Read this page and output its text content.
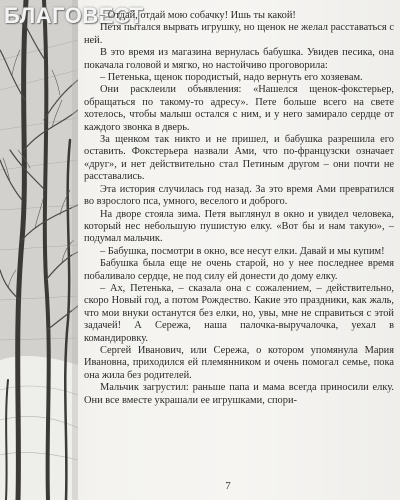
БЛАГОВЕСТ

– Отдай, отдай мою собачку! Ишь ты какой!

Петя пытался вырвать игрушку, но щенок не желал расставаться с ней.

В это время из магазина вернулась бабушка. Увидев песика, она покачала головой и мягко, но настойчиво проговорила:

– Петенька, щенок породистый, надо вернуть его хозяевам.

Они расклеили объявления: «Нашелся щенок-фокстерьер, обращаться по такому-то адресу». Пете больше всего на свете хотелось, чтобы малыш остался с ним, и у него замирало сердце от каждого звонка в дверь.

За щенком так никто и не пришел, и бабушка разрешила его оставить. Фокстерьера назвали Ами, что по-французски означает «друг», и нет действительно стал Петиным другом – они почти не расставались.

Эта история случилась год назад. За это время Ами превратился во взрослого пса, умного, веселого и доброго.

На дворе стояла зима. Петя выглянул в окно и увидел человека, который нес небольшую пушистую елку. «Вот бы и нам такую», – подумал мальчик.

– Бабушка, посмотри в окно, все несут елки. Давай и мы купим!

Бабушка была еще не очень старой, но у нее последнее время побаливало сердце, не под силу ей донести до дому елку.

– Ах, Петенька, – сказала она с сожалением, – действительно, скоро Новый год, а потом Рождество. Какие это праздники, как жаль, что мои внуки останутся без елки, но, увы, мне не справиться с этой задачей! А Сережа, наша палочка-выручалочка, уехал в командировку.

Сергей Иванович, или Сережа, о котором упомянула Мария Ивановна, приходился ей племянником и очень помогал семье, пока она жила без родителей.

Мальчик загрустил: раньше папа и мама всегда приносили елку. Они все вместе украшали ее игрушками, спори-

7
